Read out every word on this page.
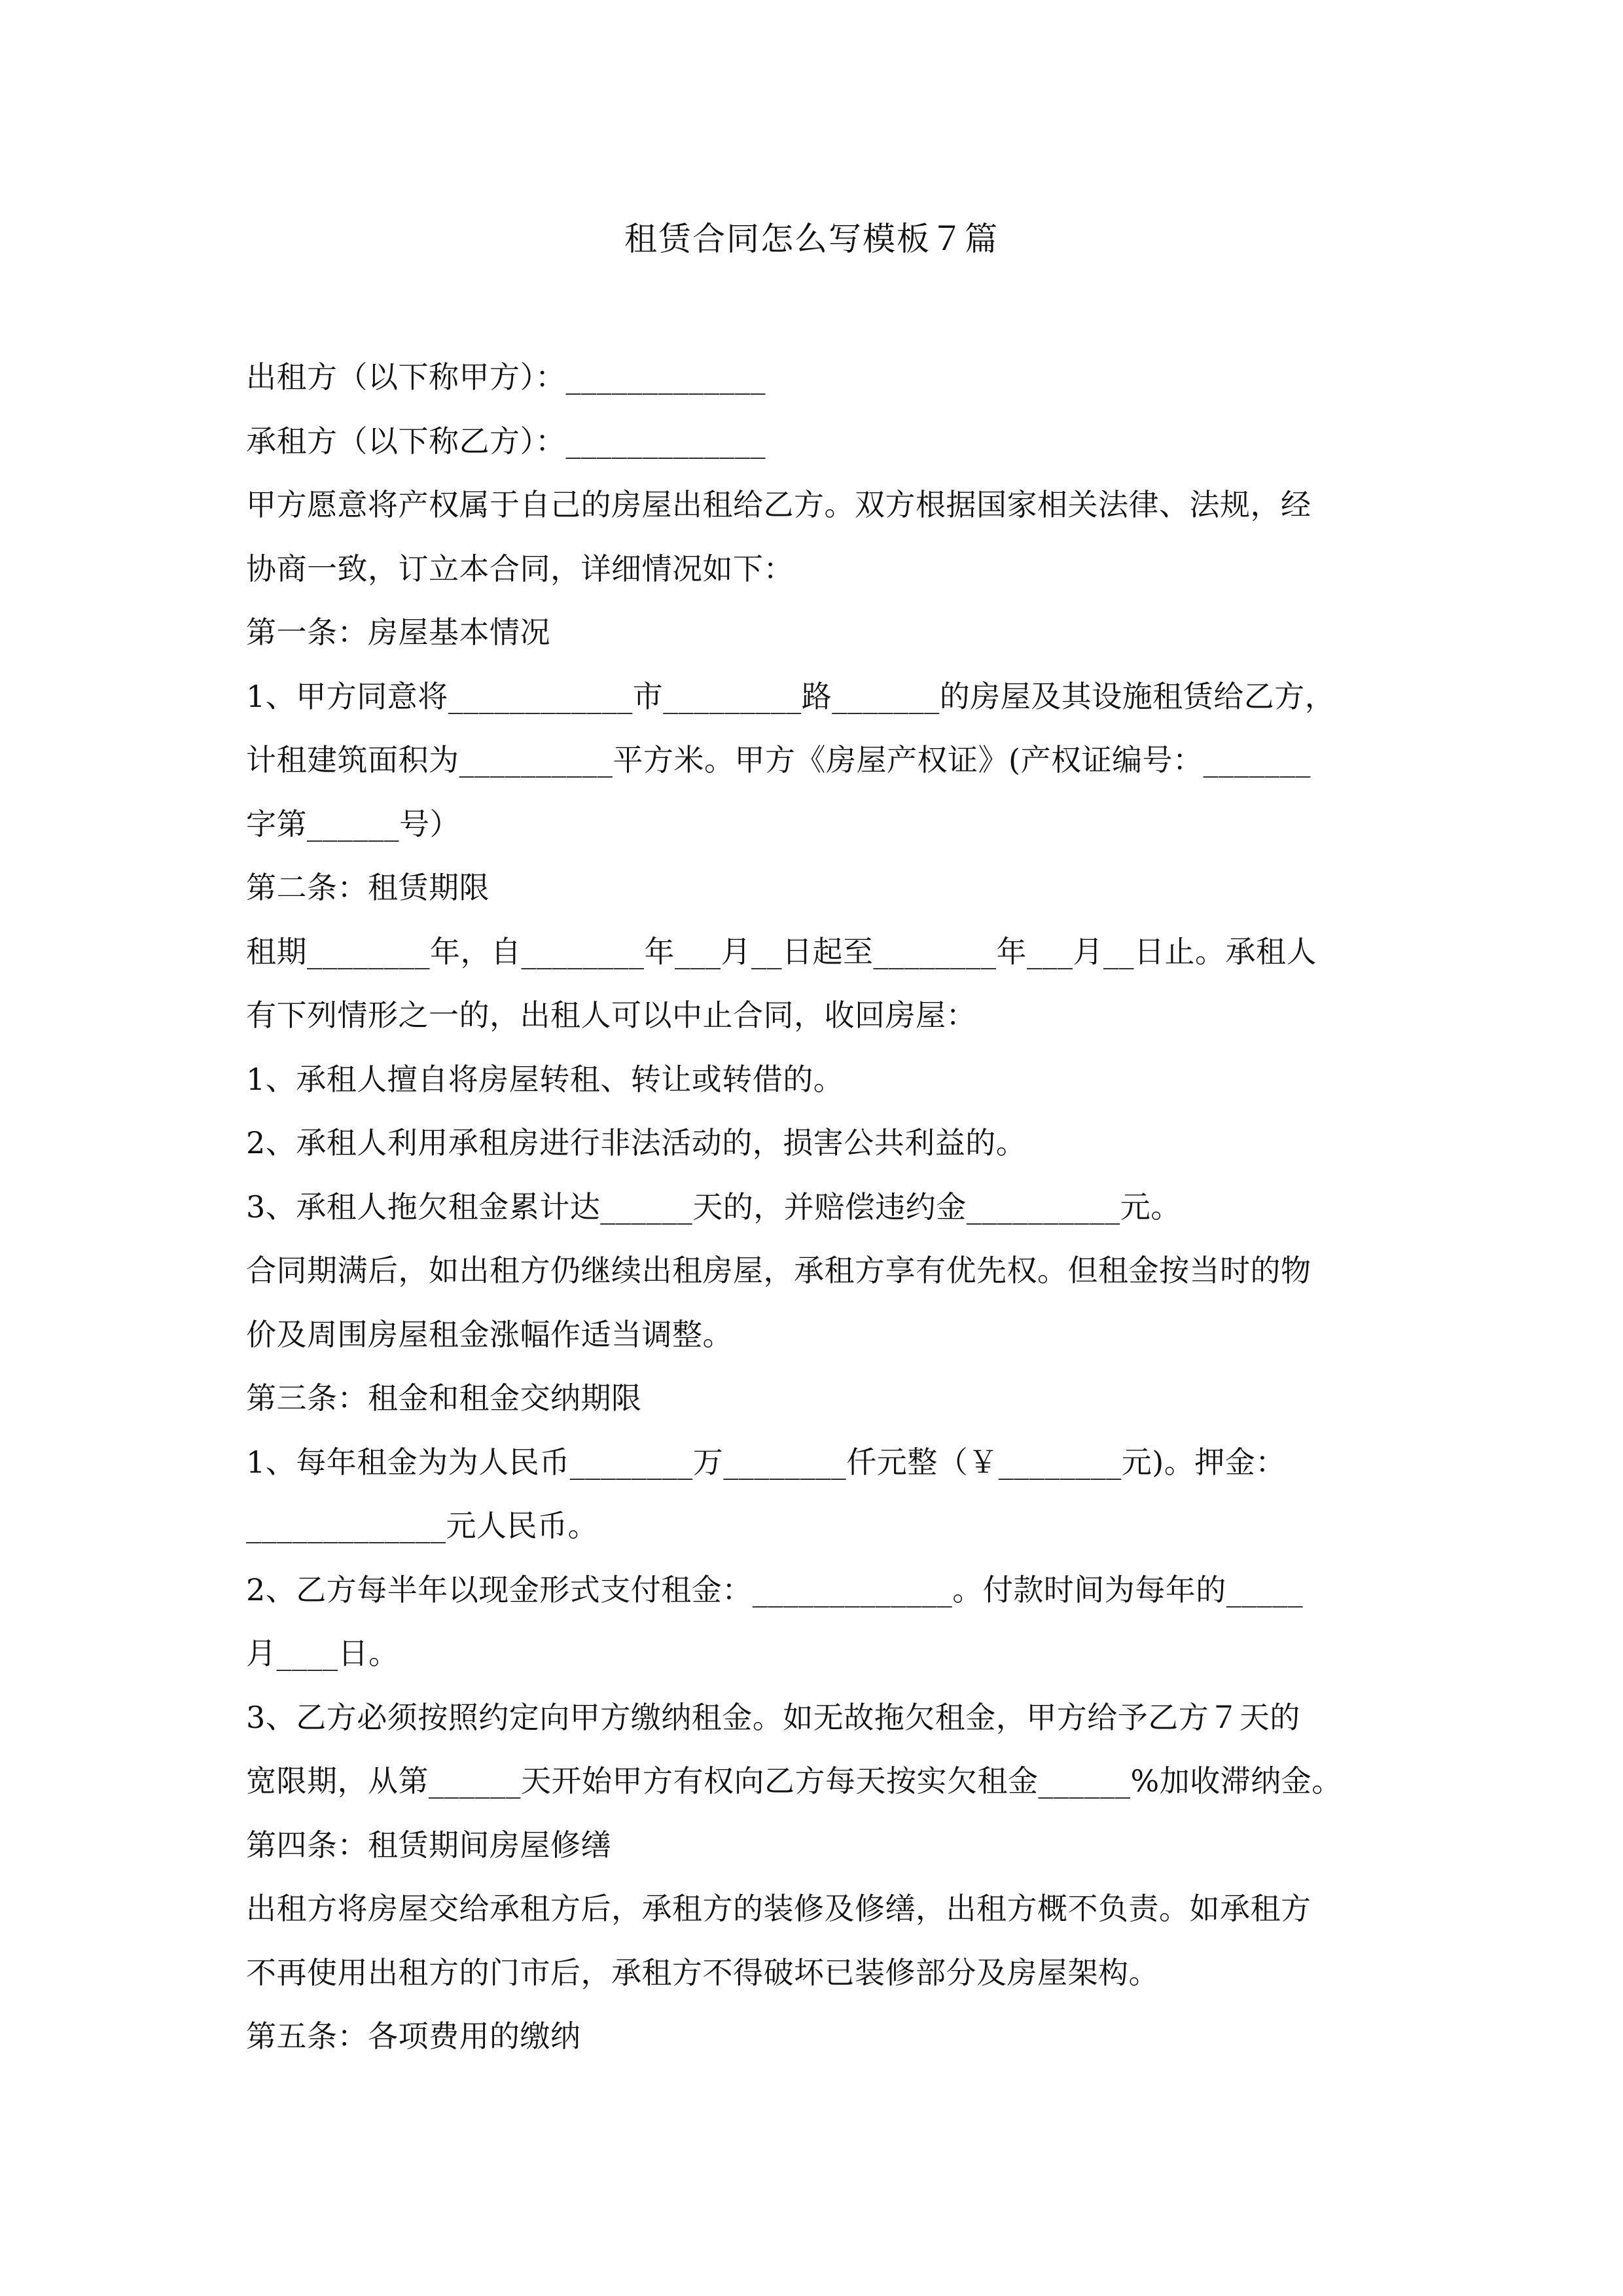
租赁合同怎么写模板７篇
出租方（以下称甲方）：_____________
承租方（以下称乙方）：_____________
甲方愿意将产权属于自己的房屋出租给乙方。双方根据国家相关法律、法规，经
协商一致，订立本合同，详细情况如下：
第一条：房屋基本情况
1、甲方同意将____________市_________路_______的房屋及其设施租赁给乙方，
计租建筑面积为__________平方米。甲方《房屋产权证》(产权证编号：_______
字第______号）
第二条：租赁期限
租期________年，自________年___月__日起至________年___月__日止。承租人
有下列情形之一的，出租人可以中止合同，收回房屋：
1、承租人擅自将房屋转租、转让或转借的。
2、承租人利用承租房进行非法活动的，损害公共利益的。
3、承租人拖欠租金累计达______天的，并赔偿违约金__________元。
合同期满后，如出租方仍继续出租房屋，承租方享有优先权。但租金按当时的物
价及周围房屋租金涨幅作适当调整。
第三条：租金和租金交纳期限
1、每年租金为为人民币________万________仟元整（￥________元)。押金：
_____________元人民币。
2、乙方每半年以现金形式支付租金：_____________。付款时间为每年的_____
月____日。
3、乙方必须按照约定向甲方缴纳租金。如无故拖欠租金，甲方给予乙方７天的
宽限期，从第______天开始甲方有权向乙方每天按实欠租金______%加收滞纳金。
第四条：租赁期间房屋修缮
出租方将房屋交给承租方后，承租方的装修及修缮，出租方概不负责。如承租方
不再使用出租方的门市后，承租方不得破坏已装修部分及房屋架构。
第五条：各项费用的缴纳
